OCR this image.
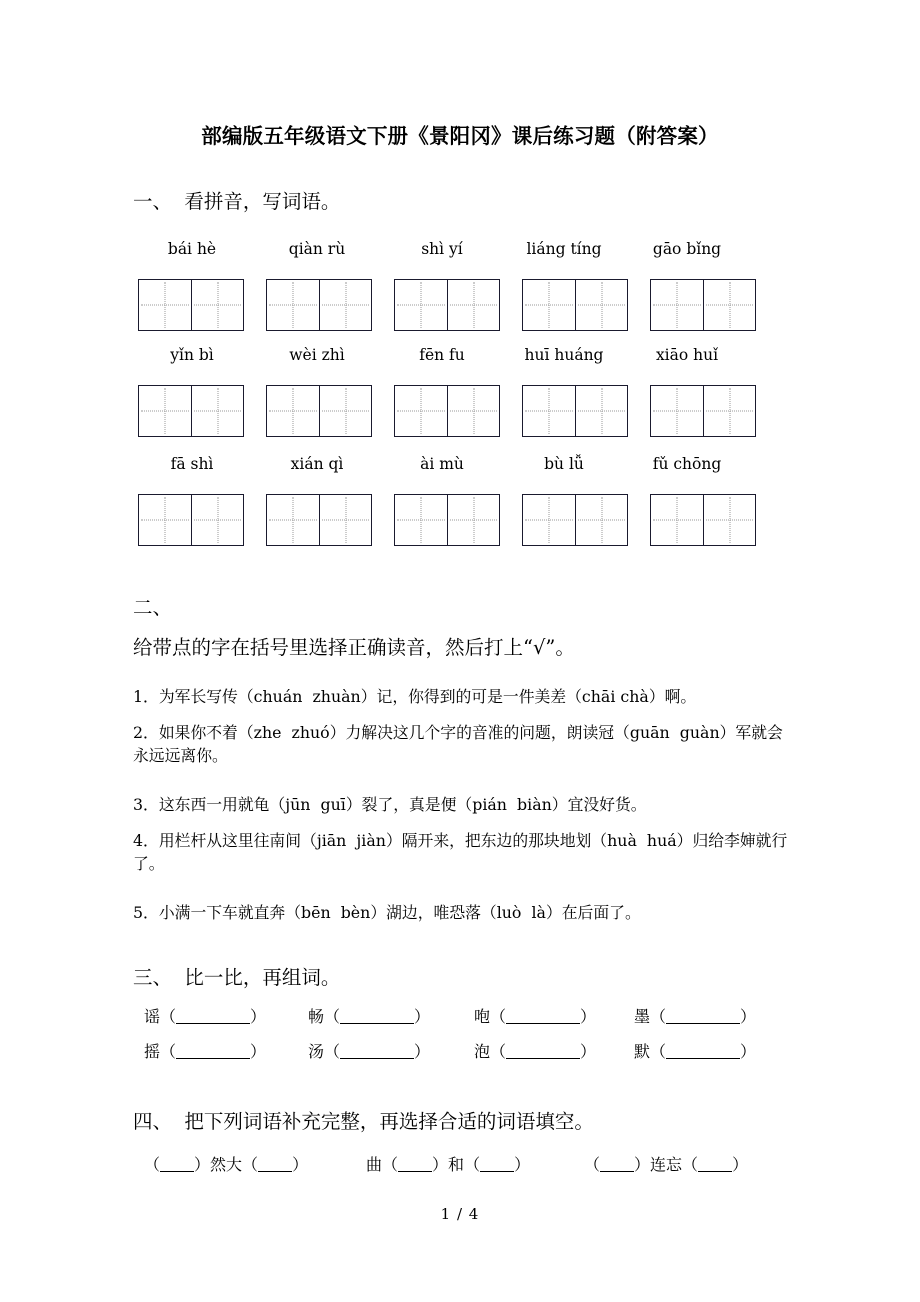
部编版五年级语文下册《景阳冈》课后练习题（附答案）
一、  看拼音，写词语。
bái hè	qiàn rù	shì yí	liáng tíng	gāo bǐng
yǐn bì	wèi zhì	fēn fu	huī huáng	xiāo huǐ
fā shì	xián qì	ài mù	bù lǚ	fǔ chōng
二、
给带点的字在括号里选择正确读音，然后打上“√”。
1．为军长写传（chuán  zhuàn）记，你得到的可是一件美差（chāi chà）啊。
2．如果你不着（zhe  zhuó）力解决这几个字的音准的问题，朗读冠（guān  guàn）军就会永远远离你。
3．这东西一用就龟（jūn  guī）裂了，真是便（pián  biàn）宜没好货。
4．用栏杆从这里往南间（jiān  jiàn）隔开来，把东边的那块地划（huà  huá）归给李婶就行了。
5．小满一下车就直奔（bēn  bèn）湖边，唯恐落（luò  là）在后面了。
三、  比一比，再组词。
谣（	）	畅（	）	咆（	） 墨（	）
摇（	）	汤（	）	泡（	） 默（	）
四、  把下列词语补充完整，再选择合适的词语填空。
（ ）然大（ ）	曲（ ）和（ ）	（ ）连忘（ ）
1 / 4
